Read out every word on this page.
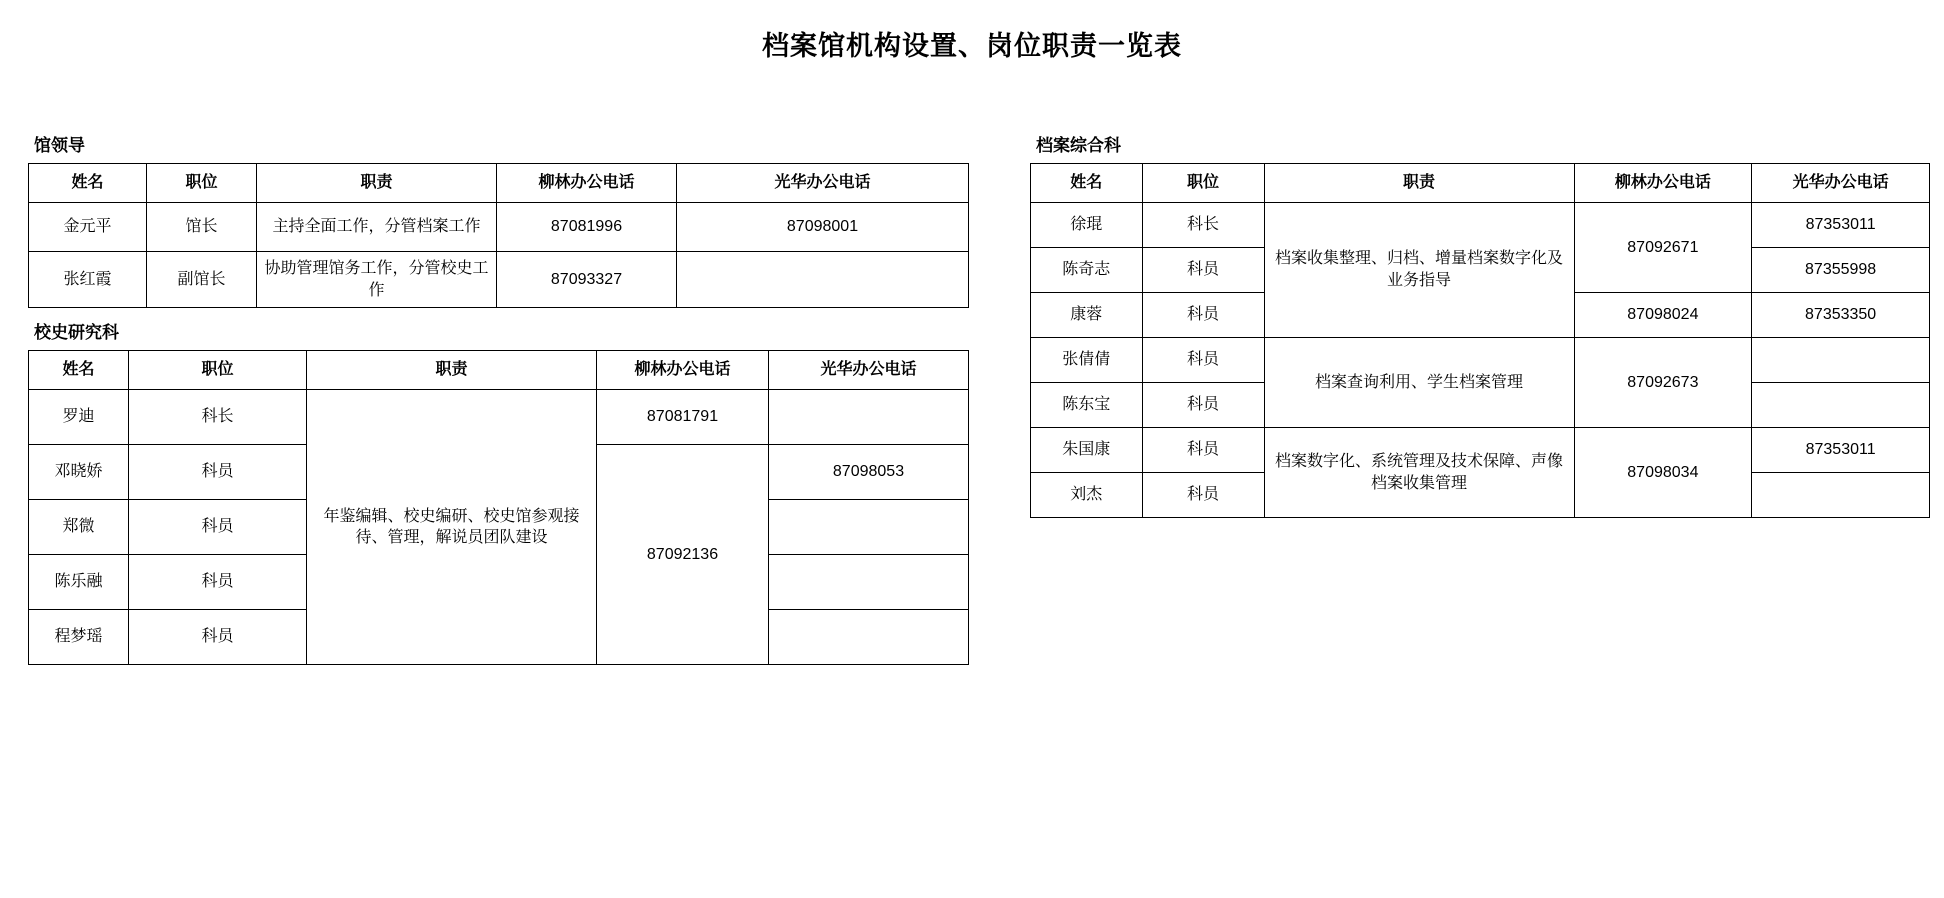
档案馆机构设置、岗位职责一览表
馆领导
姓名	职位	职责	柳林办公电话	光华办公电话
金元平	馆长	主持全面工作，分管档案工作	87081996	87098001
张红霞	副馆长	协助管理馆务工作，分管校史工作	87093327	
校史研究科
姓名	职位	职责	柳林办公电话	光华办公电话
罗迪	科长	年鉴编辑、校史编研、校史馆参观接待、管理，解说员团队建设	87081791	
邓晓娇	科员		87092136	87098053
郑微	科员			
陈乐融	科员			
程梦瑶	科员			
档案综合科
姓名	职位	职责	柳林办公电话	光华办公电话
徐琨	科长	档案收集整理、归档、增量档案数字化及业务指导	87092671	87353011
陈奇志	科员			87355998
康蓉	科员		87098024	87353350
张倩倩	科员	档案查询利用、学生档案管理	87092673	
陈东宝	科员			
朱国康	科员	档案数字化、系统管理及技术保障、声像档案收集管理	87098034	87353011
刘杰	科员			
